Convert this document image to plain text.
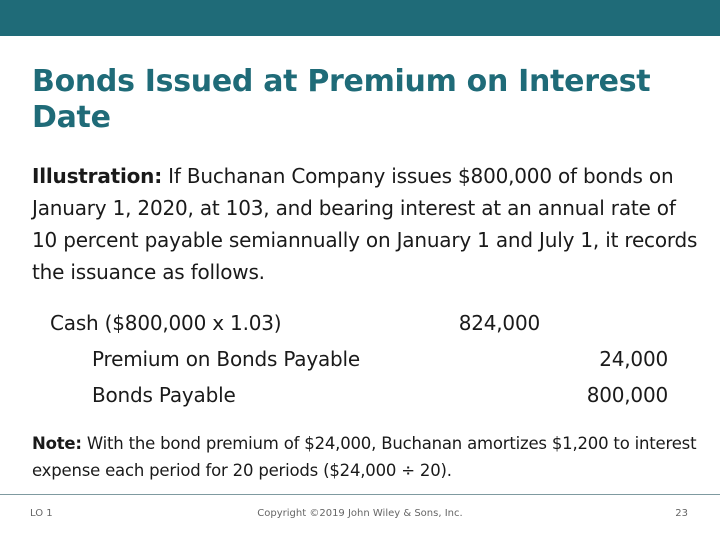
Bonds Issued at Premium on Interest Date

Illustration: If Buchanan Company issues $800,000 of bonds on January 1, 2020, at 103, and bearing interest at an annual rate of 10 percent payable semiannually on January 1 and July 1, it records the issuance as follows.

Cash ($800,000 x 1.03)	824,000
Premium on Bonds Payable	24,000
Bonds Payable	800,000

Note: With the bond premium of $24,000, Buchanan amortizes $1,200 to interest expense each period for 20 periods ($24,000 ÷ 20).

LO 1	Copyright ©2019 John Wiley & Sons, Inc.	23
